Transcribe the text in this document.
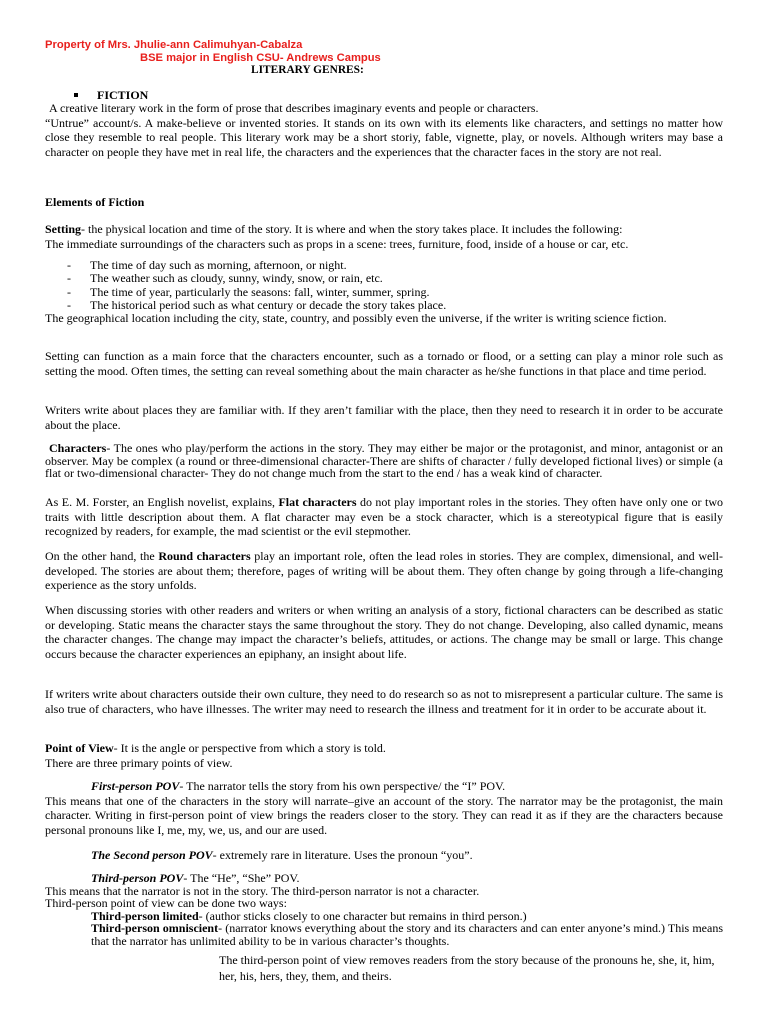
Property of Mrs. Jhulie-ann Calimuhyan-Cabalza
BSE major in English CSU- Andrews Campus
LITERARY GENRES:
FICTION

A creative literary work in the form of prose that describes imaginary events and people or characters.

“Untrue” account/s. A make-believe or invented stories. It stands on its own with its elements like characters, and settings no matter how close they resemble to real people. This literary work may be a short storiy, fable, vignette, play, or novels. Although writers may base a character on people they have met in real life, the characters and the experiences that the character faces in the story are not real.

Elements of Fiction

Setting- the physical location and time of the story. It is where and when the story takes place. It includes the following:

The immediate surroundings of the characters such as props in a scene: trees, furniture, food, inside of a house or car, etc.

- The time of day such as morning, afternoon, or night.
- The weather such as cloudy, sunny, windy, snow, or rain, etc.
- The time of year, particularly the seasons: fall, winter, summer, spring.
- The historical period such as what century or decade the story takes place.

The geographical location including the city, state, country, and possibly even the universe, if the writer is writing science fiction.

Setting can function as a main force that the characters encounter, such as a tornado or flood, or a setting can play a minor role such as setting the mood. Often times, the setting can reveal something about the main character as he/she functions in that place and time period.

Writers write about places they are familiar with. If they aren’t familiar with the place, then they need to research it in order to be accurate about the place.

Characters- The ones who play/perform the actions in the story. They may either be major or the protagonist, and minor, antagonist or an observer. May be complex (a round or three-dimensional character-There are shifts of character / fully developed fictional lives) or simple (a flat or two-dimensional character- They do not change much from the start to the end / has a weak kind of character.

As E. M. Forster, an English novelist, explains, Flat characters do not play important roles in the stories. They often have only one or two traits with little description about them. A flat character may even be a stock character, which is a stereotypical figure that is easily recognized by readers, for example, the mad scientist or the evil stepmother.

On the other hand, the Round characters play an important role, often the lead roles in stories. They are complex, dimensional, and well-developed. The stories are about them; therefore, pages of writing will be about them. They often change by going through a life-changing experience as the story unfolds.

When discussing stories with other readers and writers or when writing an analysis of a story, fictional characters can be described as static or developing. Static means the character stays the same throughout the story. They do not change. Developing, also called dynamic, means the character changes. The change may impact the character’s beliefs, attitudes, or actions. The change may be small or large. This change occurs because the character experiences an epiphany, an insight about life.

If writers write about characters outside their own culture, they need to do research so as not to misrepresent a particular culture. The same is also true of characters, who have illnesses. The writer may need to research the illness and treatment for it in order to be accurate about it.

Point of View- It is the angle or perspective from which a story is told.

There are three primary points of view.

First-person POV- The narrator tells the story from his own perspective/ the “I” POV.

This means that one of the characters in the story will narrate–give an account of the story. The narrator may be the protagonist, the main character. Writing in first-person point of view brings the readers closer to the story. They can read it as if they are the characters because personal pronouns like I, me, my, we, us, and our are used.

The Second person POV- extremely rare in literature. Uses the pronoun “you”.

Third-person POV- The “He”, “She” POV.

This means that the narrator is not in the story. The third-person narrator is not a character.

Third-person point of view can be done two ways:

Third-person limited- (author sticks closely to one character but remains in third person.)

Third-person omniscient- (narrator knows everything about the story and its characters and can enter anyone’s mind.) This means that the narrator has unlimited ability to be in various character’s thoughts.

The third-person point of view removes readers from the story because of the pronouns he, she, it, him, her, his, hers, they, them, and theirs.
